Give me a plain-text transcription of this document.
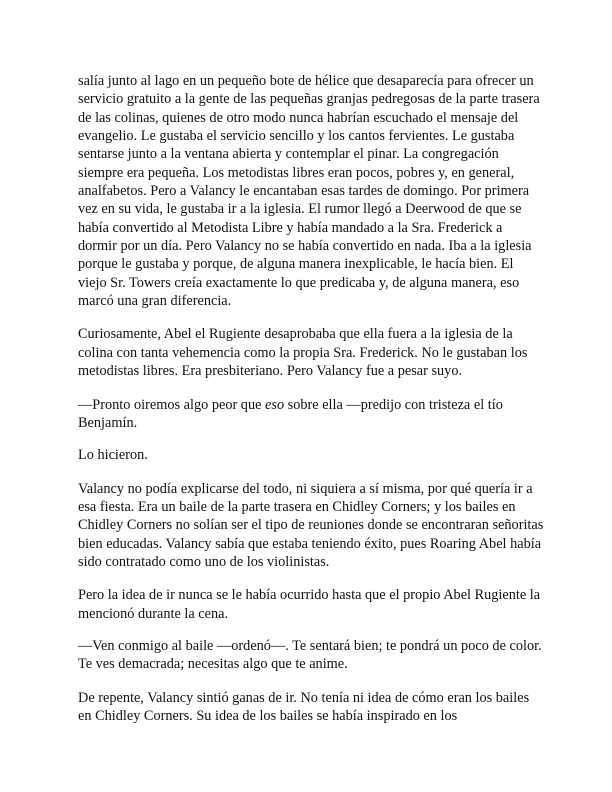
salía junto al lago en un pequeño bote de hélice que desaparecía para ofrecer un servicio gratuito a la gente de las pequeñas granjas pedregosas de la parte trasera de las colinas, quienes de otro modo nunca habrían escuchado el mensaje del evangelio. Le gustaba el servicio sencillo y los cantos fervientes. Le gustaba sentarse junto a la ventana abierta y contemplar el pinar. La congregación siempre era pequeña. Los metodistas libres eran pocos, pobres y, en general, analfabetos. Pero a Valancy le encantaban esas tardes de domingo. Por primera vez en su vida, le gustaba ir a la iglesia. El rumor llegó a Deerwood de que se había convertido al Metodista Libre y había mandado a la Sra. Frederick a dormir por un día. Pero Valancy no se había convertido en nada. Iba a la iglesia porque le gustaba y porque, de alguna manera inexplicable, le hacía bien. El viejo Sr. Towers creía exactamente lo que predicaba y, de alguna manera, eso marcó una gran diferencia.

Curiosamente, Abel el Rugiente desaprobaba que ella fuera a la iglesia de la colina con tanta vehemencia como la propia Sra. Frederick. No le gustaban los metodistas libres. Era presbiteriano. Pero Valancy fue a pesar suyo.

—Pronto oiremos algo peor que eso sobre ella —predijo con tristeza el tío Benjamín.

Lo hicieron.

Valancy no podía explicarse del todo, ni siquiera a sí misma, por qué quería ir a esa fiesta. Era un baile de la parte trasera en Chidley Corners; y los bailes en Chidley Corners no solían ser el tipo de reuniones donde se encontraran señoritas bien educadas. Valancy sabía que estaba teniendo éxito, pues Roaring Abel había sido contratado como uno de los violinistas.

Pero la idea de ir nunca se le había ocurrido hasta que el propio Abel Rugiente la mencionó durante la cena.

—Ven conmigo al baile —ordenó—. Te sentará bien; te pondrá un poco de color. Te ves demacrada; necesitas algo que te anime.

De repente, Valancy sintió ganas de ir. No tenía ni idea de cómo eran los bailes en Chidley Corners. Su idea de los bailes se había inspirado en los
